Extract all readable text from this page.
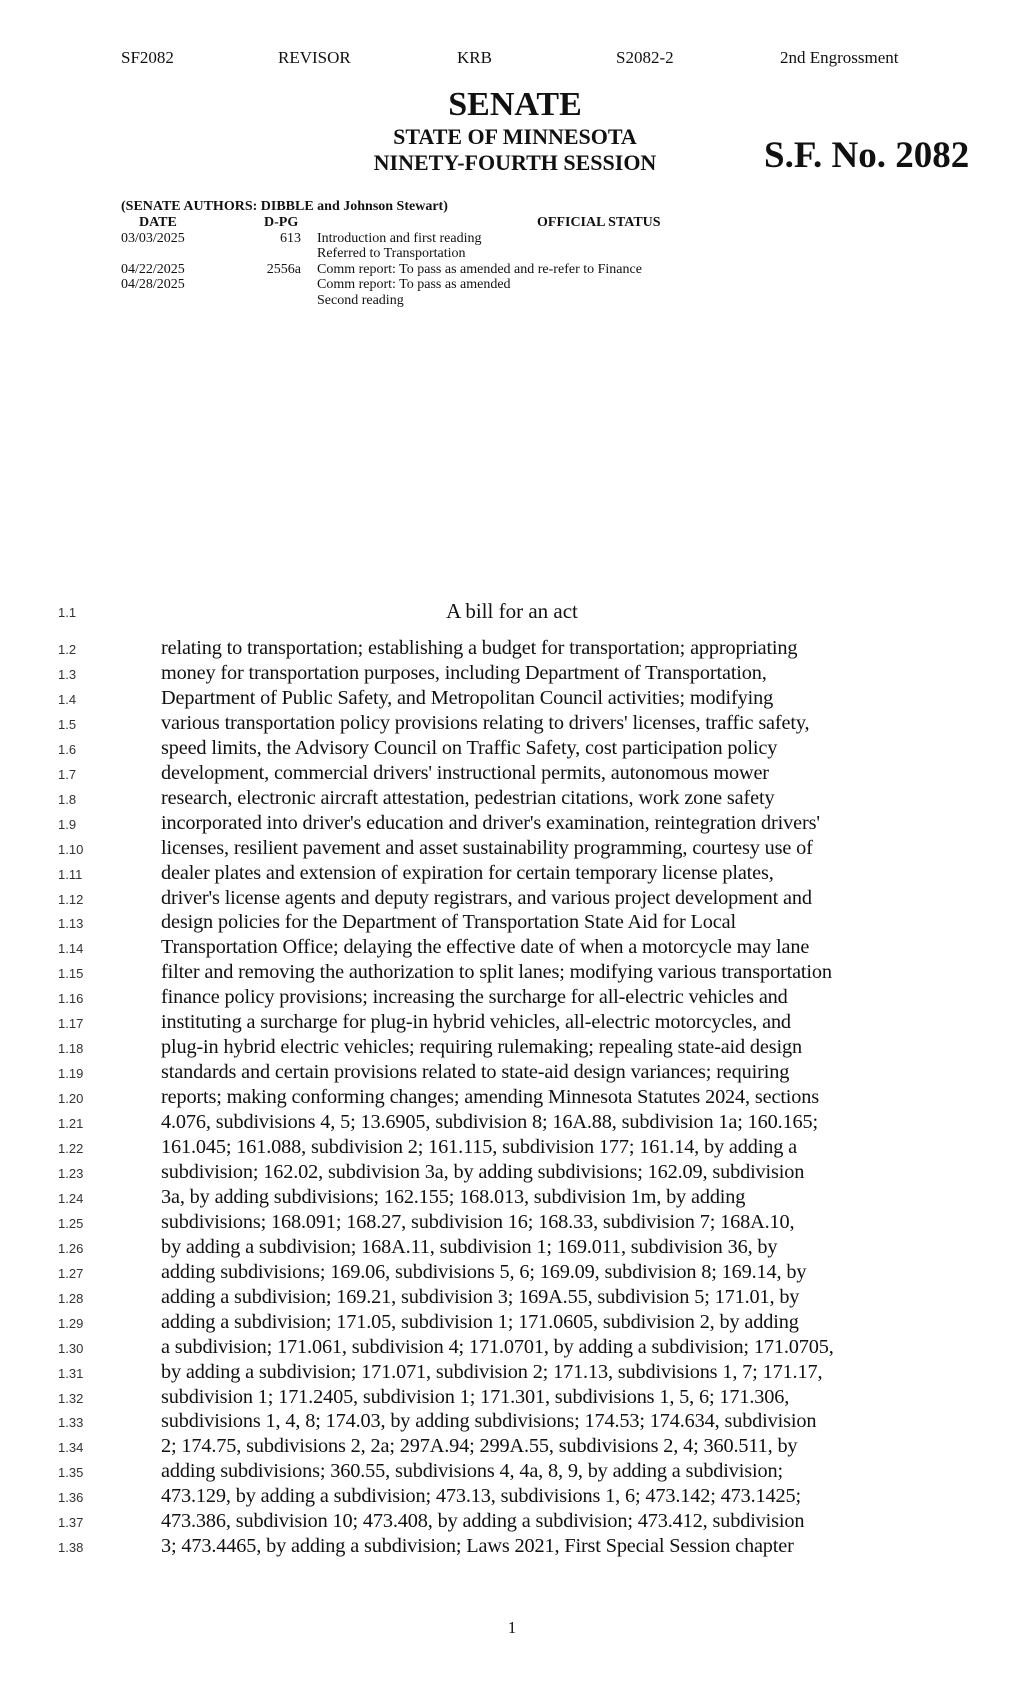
SF2082	REVISOR	KRB	S2082-2	2nd Engrossment
SENATE
STATE OF MINNESOTA
NINETY-FOURTH SESSION	S.F. No. 2082
(SENATE AUTHORS: DIBBLE and Johnson Stewart)
DATE	D-PG	OFFICIAL STATUS
03/03/2025	613 Introduction and first reading
Referred to Transportation
04/22/2025	2556a Comm report: To pass as amended and re-refer to Finance
04/28/2025	Comm report: To pass as amended
Second reading
1.1	A bill for an act
1.2	relating to transportation; establishing a budget for transportation; appropriating
1.3	money for transportation purposes, including Department of Transportation,
1.4	Department of Public Safety, and Metropolitan Council activities; modifying
1.5	various transportation policy provisions relating to drivers' licenses, traffic safety,
1.6	speed limits, the Advisory Council on Traffic Safety, cost participation policy
1.7	development, commercial drivers' instructional permits, autonomous mower
1.8	research, electronic aircraft attestation, pedestrian citations, work zone safety
1.9	incorporated into driver's education and driver's examination, reintegration drivers'
1.10	licenses, resilient pavement and asset sustainability programming, courtesy use of
1.11	dealer plates and extension of expiration for certain temporary license plates,
1.12	driver's license agents and deputy registrars, and various project development and
1.13	design policies for the Department of Transportation State Aid for Local
1.14	Transportation Office; delaying the effective date of when a motorcycle may lane
1.15	filter and removing the authorization to split lanes; modifying various transportation
1.16	finance policy provisions; increasing the surcharge for all-electric vehicles and
1.17	instituting a surcharge for plug-in hybrid vehicles, all-electric motorcycles, and
1.18	plug-in hybrid electric vehicles; requiring rulemaking; repealing state-aid design
1.19	standards and certain provisions related to state-aid design variances; requiring
1.20	reports; making conforming changes; amending Minnesota Statutes 2024, sections
1.21	4.076, subdivisions 4, 5; 13.6905, subdivision 8; 16A.88, subdivision 1a; 160.165;
1.22	161.045; 161.088, subdivision 2; 161.115, subdivision 177; 161.14, by adding a
1.23	subdivision; 162.02, subdivision 3a, by adding subdivisions; 162.09, subdivision
1.24	3a, by adding subdivisions; 162.155; 168.013, subdivision 1m, by adding
1.25	subdivisions; 168.091; 168.27, subdivision 16; 168.33, subdivision 7; 168A.10,
1.26	by adding a subdivision; 168A.11, subdivision 1; 169.011, subdivision 36, by
1.27	adding subdivisions; 169.06, subdivisions 5, 6; 169.09, subdivision 8; 169.14, by
1.28	adding a subdivision; 169.21, subdivision 3; 169A.55, subdivision 5; 171.01, by
1.29	adding a subdivision; 171.05, subdivision 1; 171.0605, subdivision 2, by adding
1.30	a subdivision; 171.061, subdivision 4; 171.0701, by adding a subdivision; 171.0705,
1.31	by adding a subdivision; 171.071, subdivision 2; 171.13, subdivisions 1, 7; 171.17,
1.32	subdivision 1; 171.2405, subdivision 1; 171.301, subdivisions 1, 5, 6; 171.306,
1.33	subdivisions 1, 4, 8; 174.03, by adding subdivisions; 174.53; 174.634, subdivision
1.34	2; 174.75, subdivisions 2, 2a; 297A.94; 299A.55, subdivisions 2, 4; 360.511, by
1.35	adding subdivisions; 360.55, subdivisions 4, 4a, 8, 9, by adding a subdivision;
1.36	473.129, by adding a subdivision; 473.13, subdivisions 1, 6; 473.142; 473.1425;
1.37	473.386, subdivision 10; 473.408, by adding a subdivision; 473.412, subdivision
1.38	3; 473.4465, by adding a subdivision; Laws 2021, First Special Session chapter
1
